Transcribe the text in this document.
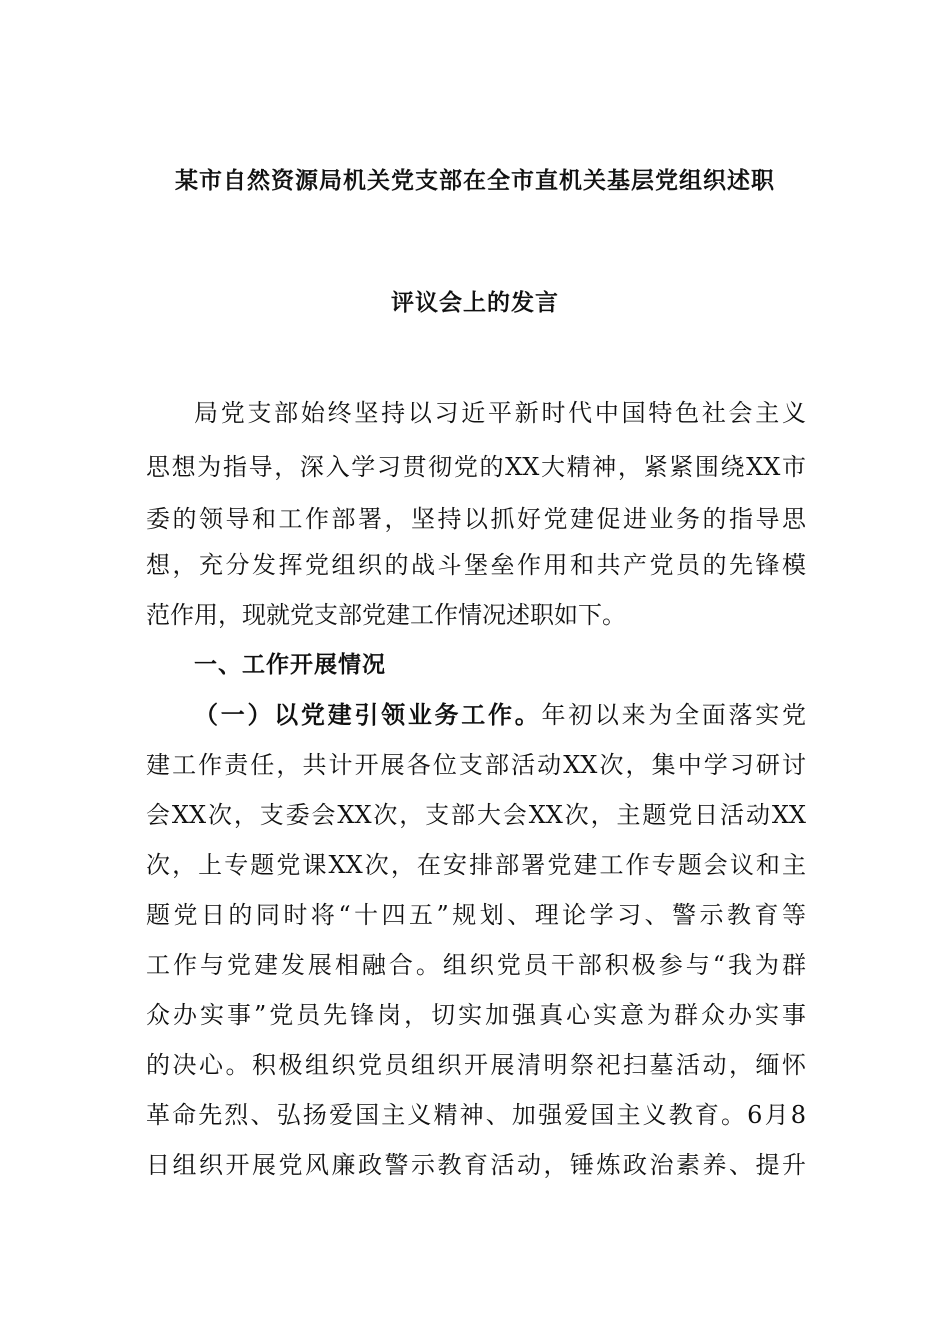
某市自然资源局机关党支部在全市直机关基层党组织述职
评议会上的发言
局党支部始终坚持以习近平新时代中国特色社会主义
思想为指导，深入学习贯彻党的XX大精神，紧紧围绕XX市
委的领导和工作部署，坚持以抓好党建促进业务的指导思
想，充分发挥党组织的战斗堡垒作用和共产党员的先锋模
范作用，现就党支部党建工作情况述职如下。
一、工作开展情况
（一）以党建引领业务工作。年初以来为全面落实党
建工作责任，共计开展各位支部活动XX次，集中学习研讨
会XX次，支委会XX次，支部大会XX次，主题党日活动XX
次，上专题党课XX次，在安排部署党建工作专题会议和主
题党日的同时将“十四五”规划、理论学习、警示教育等
工作与党建发展相融合。组织党员干部积极参与“我为群
众办实事”党员先锋岗，切实加强真心实意为群众办实事
的决心。积极组织党员组织开展清明祭祀扫墓活动，缅怀
革命先烈、弘扬爱国主义精神、加强爱国主义教育。6月8
日组织开展党风廉政警示教育活动，锤炼政治素养、提升
